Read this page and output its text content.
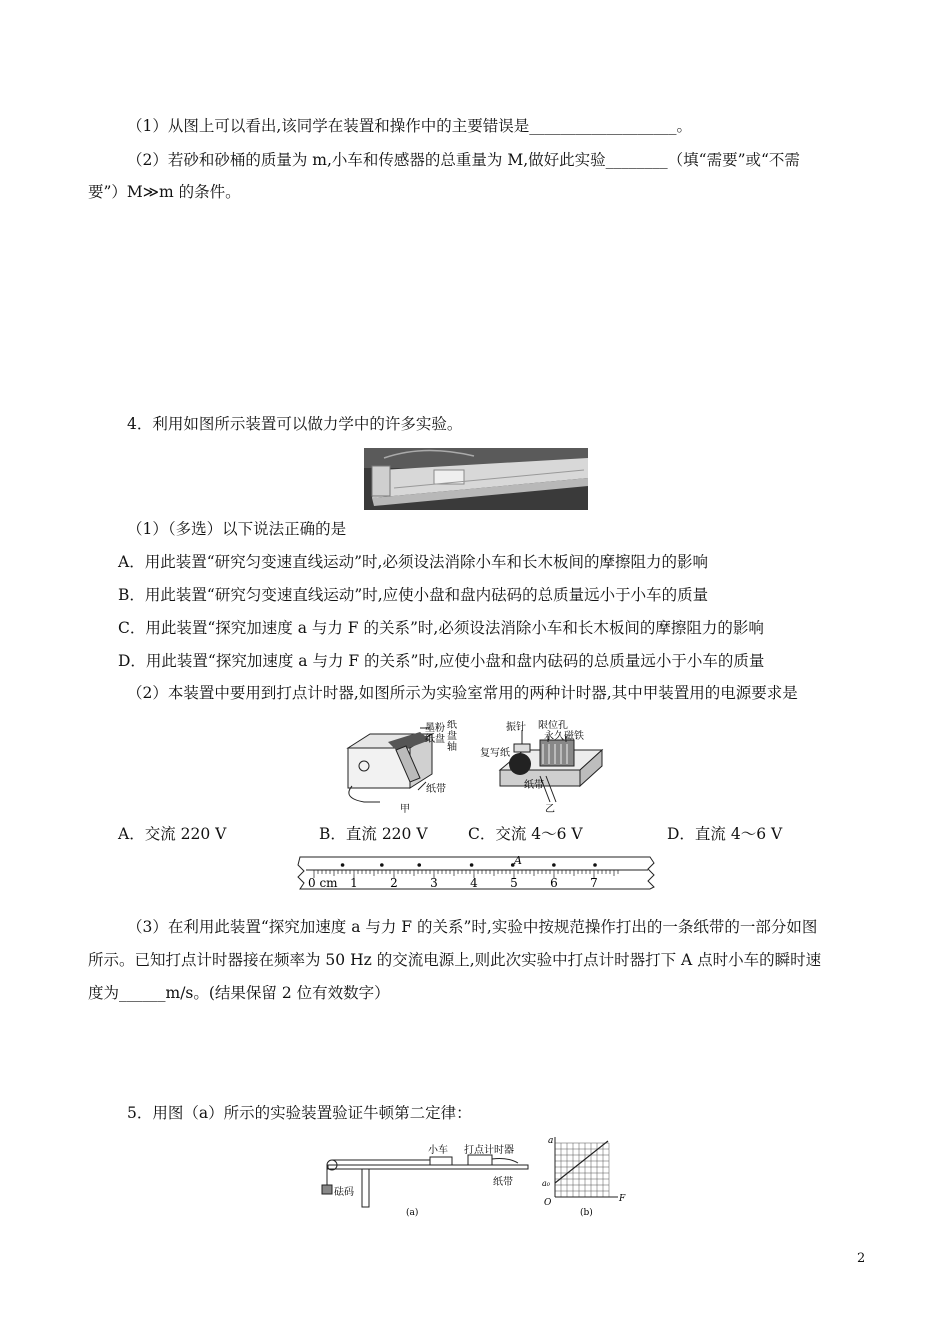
（1）从图上可以看出,该同学在装置和操作中的主要错误是___________________。
（2）若砂和砂桶的质量为 m,小车和传感器的总重量为 M,做好此实验________（填“需要”或“不需
要”）M≫m 的条件。
4．利用如图所示装置可以做力学中的许多实验。
（1）（多选）以下说法正确的是
A．用此装置“研究匀变速直线运动”时,必须设法消除小车和长木板间的摩擦阻力的影响
B．用此装置“研究匀变速直线运动”时,应使小盘和盘内砝码的总质量远小于小车的质量
C．用此装置“探究加速度 a 与力 F 的关系”时,必须设法消除小车和长木板间的摩擦阻力的影响
D．用此装置“探究加速度 a 与力 F 的关系”时,应使小盘和盘内砝码的总质量远小于小车的质量
（2）本装置中要用到打点计时器,如图所示为实验室常用的两种计时器,其中甲装置用的电源要求是
墨粉
纸盘
纸
盘
轴
纸带
甲
振针 限位孔
永久磁铁
复写纸
纸带
乙
A．交流 220 V	B．直流 220 V	C．交流 4～6 V	D．直流 4～6 V
0 cm 1	2	3	4	5	6	7
A
（3）在利用此装置“探究加速度 a 与力 F 的关系”时,实验中按规范操作打出的一条纸带的一部分如图
所示。已知打点计时器接在频率为 50 Hz 的交流电源上,则此次实验中打点计时器打下 A 点时小车的瞬时速
度为______m/s。(结果保留 2 位有效数字）
5．用图（a）所示的实验装置验证牛顿第二定律：
小车 打点计时器
纸带
砝码
(a)
a
a₀
O	F
(b)
2
